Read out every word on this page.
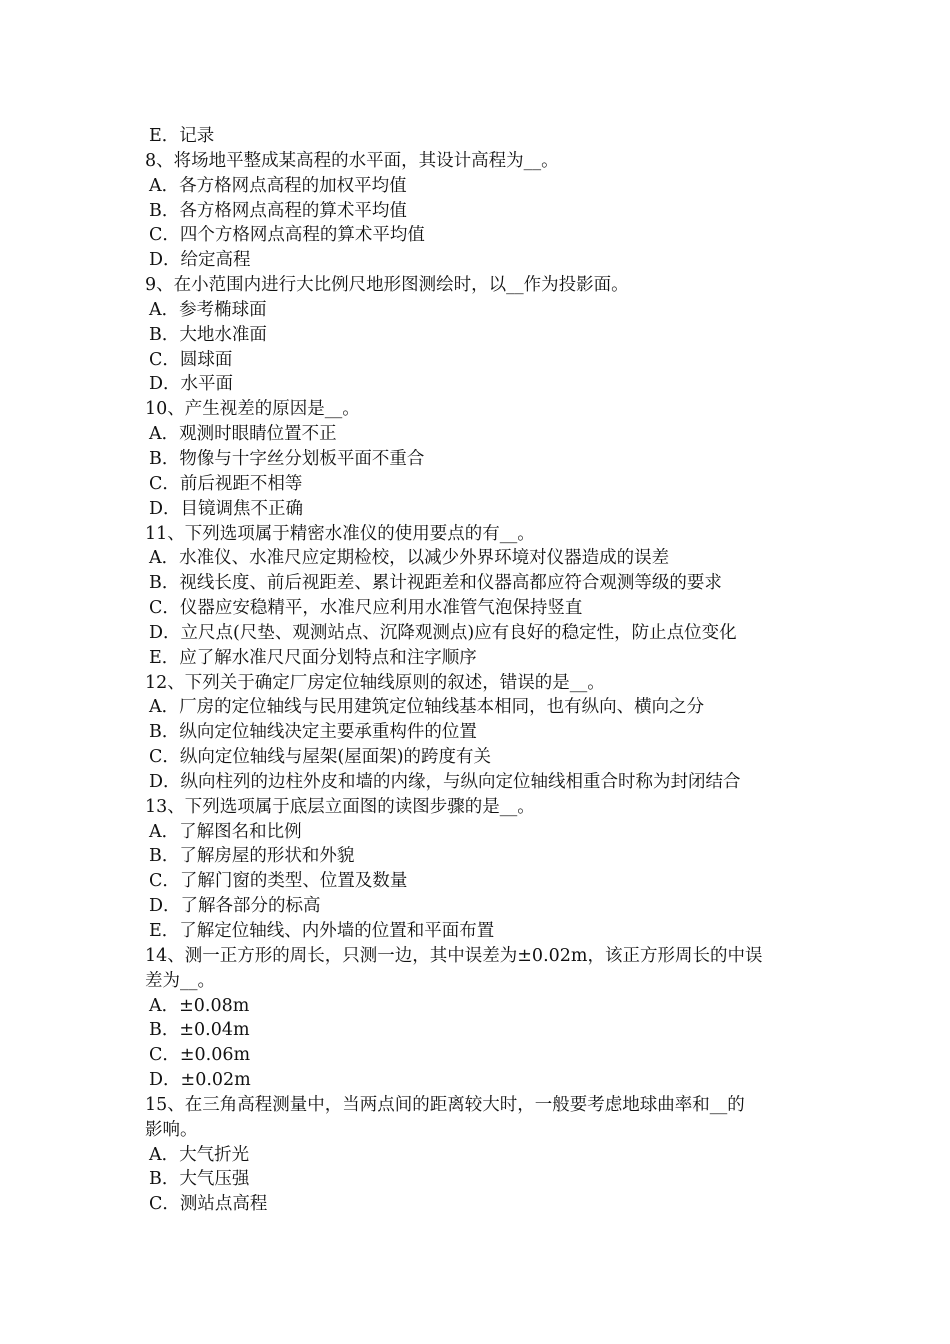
E．记录
8、将场地平整成某高程的水平面，其设计高程为__。
A．各方格网点高程的加权平均值
B．各方格网点高程的算术平均值
C．四个方格网点高程的算术平均值
D．给定高程
9、在小范围内进行大比例尺地形图测绘时，以__作为投影面。
A．参考椭球面
B．大地水准面
C．圆球面
D．水平面
10、产生视差的原因是__。
A．观测时眼睛位置不正
B．物像与十字丝分划板平面不重合
C．前后视距不相等
D．目镜调焦不正确
11、下列选项属于精密水准仪的使用要点的有__。
A．水准仪、水准尺应定期检校，以减少外界环境对仪器造成的误差
B．视线长度、前后视距差、累计视距差和仪器高都应符合观测等级的要求
C．仪器应安稳精平，水准尺应利用水准管气泡保持竖直
D．立尺点(尺垫、观测站点、沉降观测点)应有良好的稳定性，防止点位变化
E．应了解水准尺尺面分划特点和注字顺序
12、下列关于确定厂房定位轴线原则的叙述，错误的是__。
A．厂房的定位轴线与民用建筑定位轴线基本相同，也有纵向、横向之分
B．纵向定位轴线决定主要承重构件的位置
C．纵向定位轴线与屋架(屋面架)的跨度有关
D．纵向柱列的边柱外皮和墙的内缘，与纵向定位轴线相重合时称为封闭结合
13、下列选项属于底层立面图的读图步骤的是__。
A．了解图名和比例
B．了解房屋的形状和外貌
C．了解门窗的类型、位置及数量
D．了解各部分的标高
E．了解定位轴线、内外墙的位置和平面布置
14、测一正方形的周长，只测一边，其中误差为±0.02m，该正方形周长的中误
差为__。
A．±0.08m
B．±0.04m
C．±0.06m
D．±0.02m
15、在三角高程测量中，当两点间的距离较大时，一般要考虑地球曲率和__的
影响。
A．大气折光
B．大气压强
C．测站点高程
